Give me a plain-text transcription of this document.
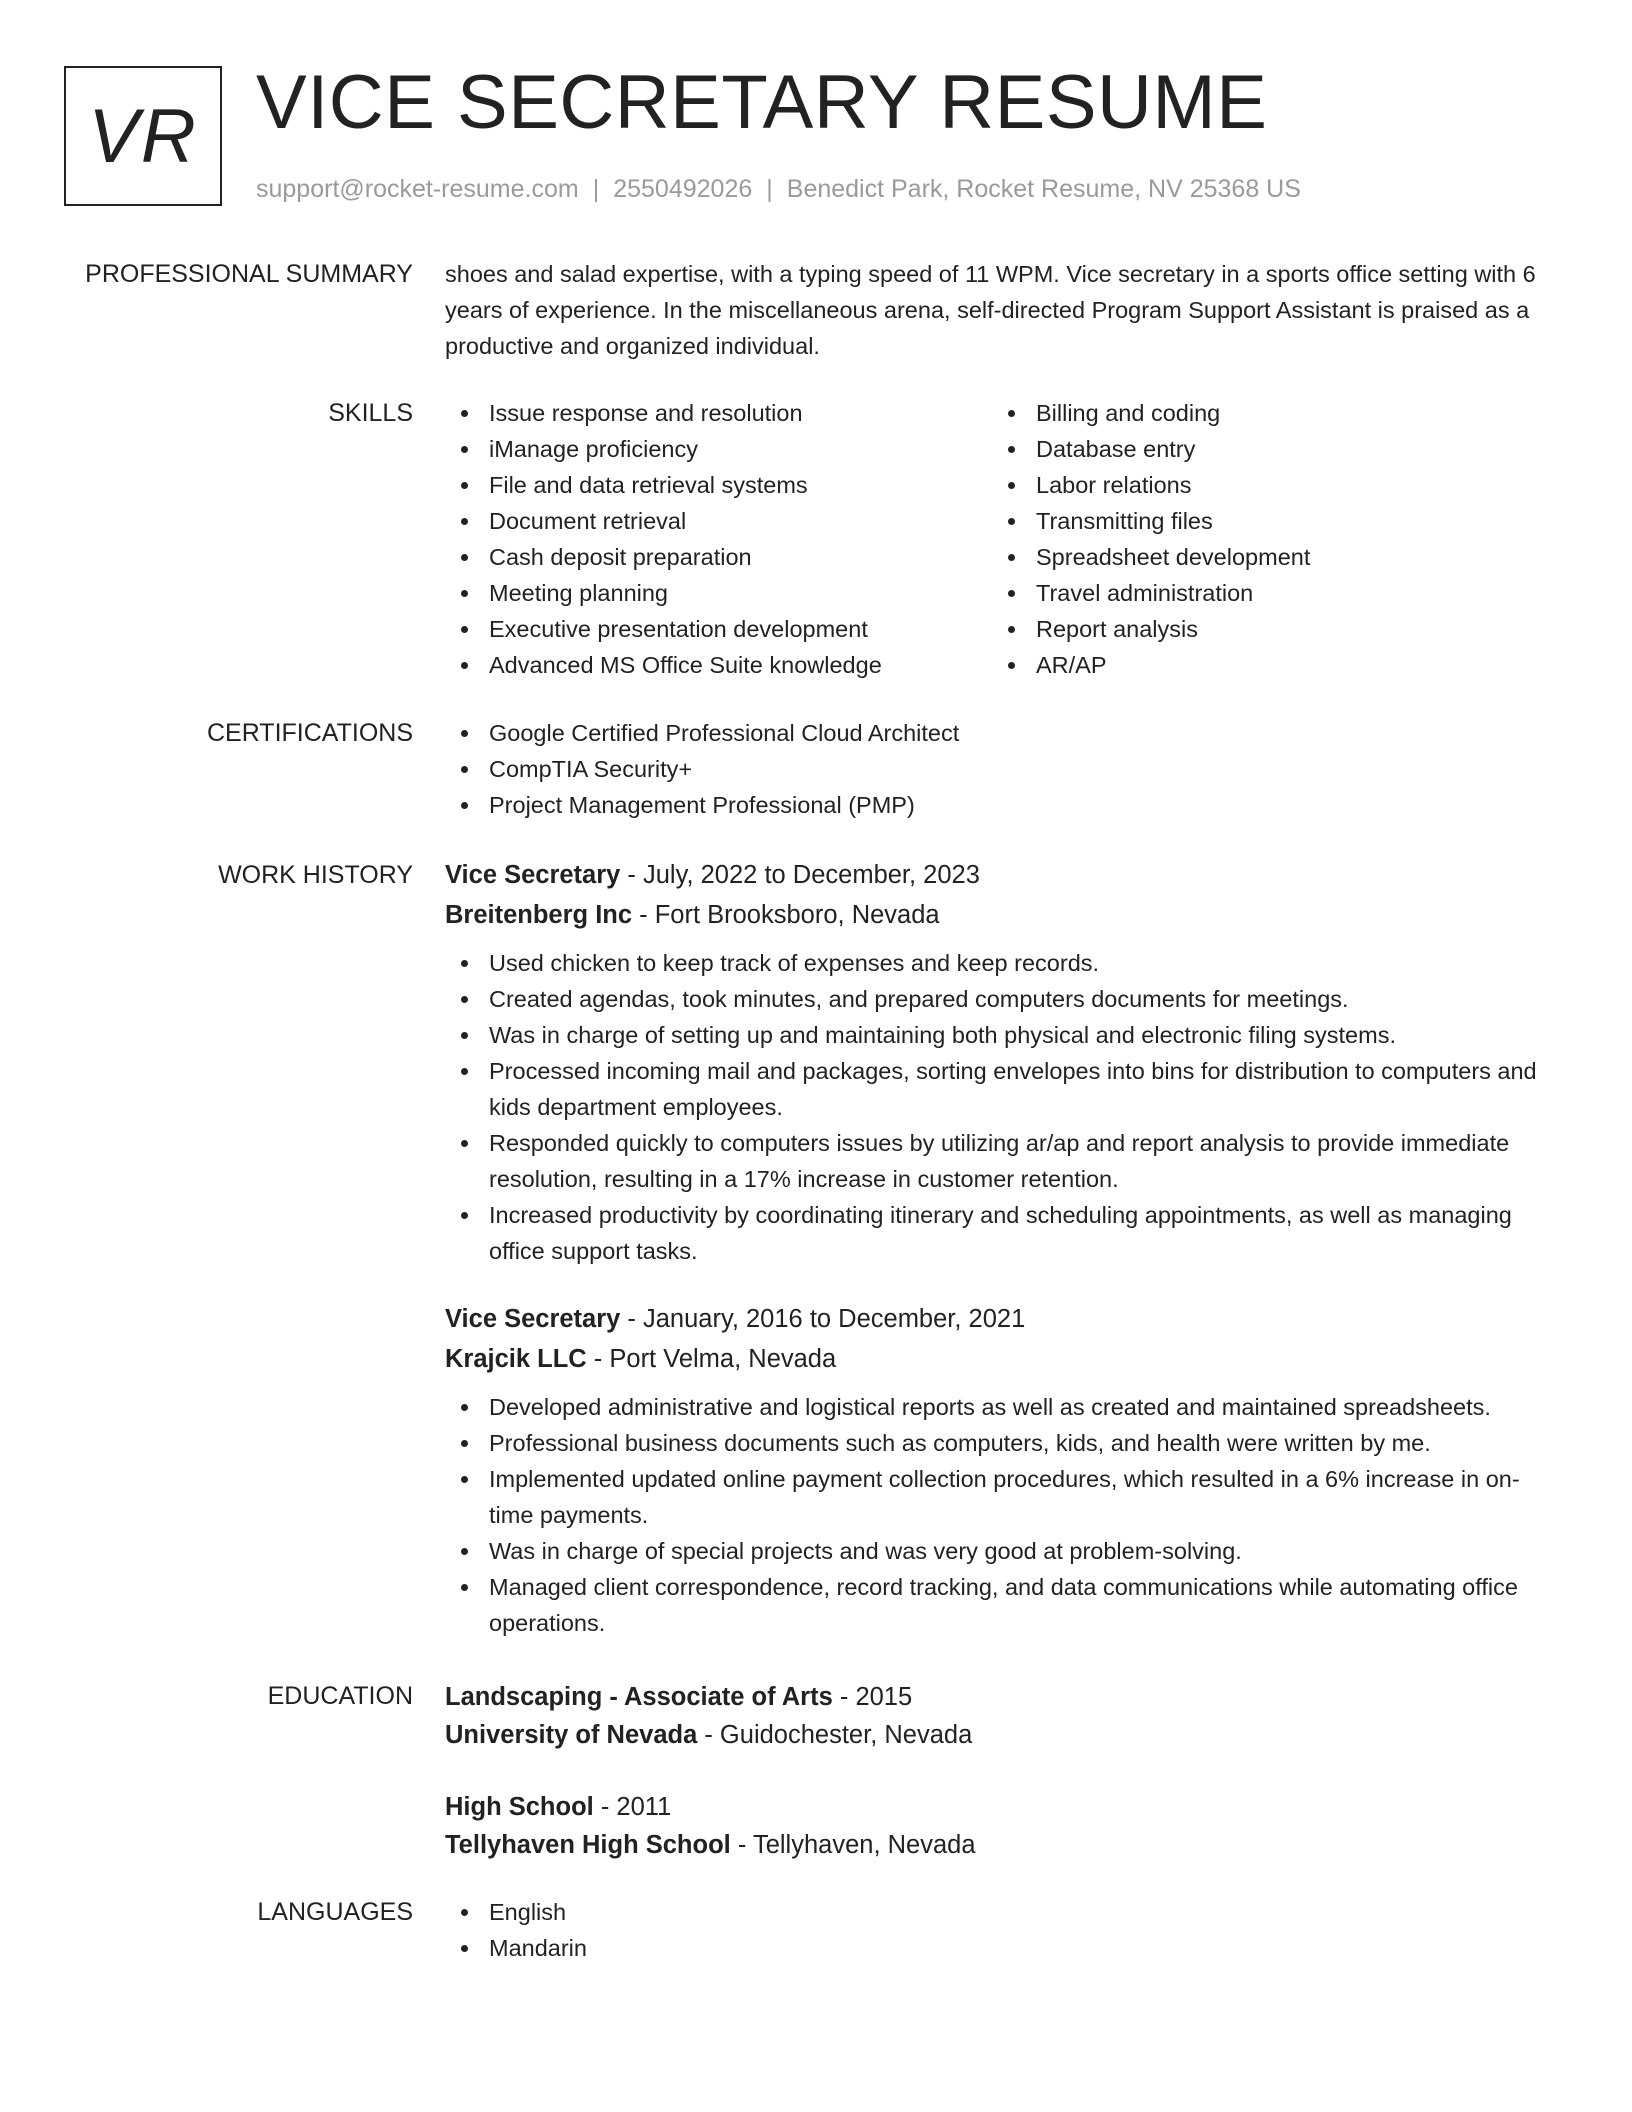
VR VICE SECRETARY RESUME
support@rocket-resume.com | 2550492026 | Benedict Park, Rocket Resume, NV 25368 US
PROFESSIONAL SUMMARY shoes and salad expertise, with a typing speed of 11 WPM. Vice secretary in a sports office setting with 6 years of experience. In the miscellaneous arena, self-directed Program Support Assistant is praised as a productive and organized individual.

SKILLS	Issue response and resolution
iManage proficiency
File and data retrieval systems
Document retrieval
Cash deposit preparation
Meeting planning
Executive presentation development
Advanced MS Office Suite knowledge
Billing and coding
Database entry
Labor relations
Transmitting files
Spreadsheet development
Travel administration
Report analysis
AR/AP
CERTIFICATIONS	Google Certified Professional Cloud Architect
CompTIA Security+
Project Management Professional (PMP)
WORK HISTORY Vice Secretary - July, 2022 to December, 2023
Breitenberg Inc - Fort Brooksboro, Nevada
Used chicken to keep track of expenses and keep records.
Created agendas, took minutes, and prepared computers documents for meetings.
Was in charge of setting up and maintaining both physical and electronic filing systems.
Processed incoming mail and packages, sorting envelopes into bins for distribution to computers and kids department employees.
Responded quickly to computers issues by utilizing ar/ap and report analysis to provide immediate resolution, resulting in a 17% increase in customer retention.
Increased productivity by coordinating itinerary and scheduling appointments, as well as managing office support tasks.
Vice Secretary - January, 2016 to December, 2021
Krajcik LLC - Port Velma, Nevada
Developed administrative and logistical reports as well as created and maintained spreadsheets.
Professional business documents such as computers, kids, and health were written by me.
Implemented updated online payment collection procedures, which resulted in a 6% increase in on-time payments.
Was in charge of special projects and was very good at problem-solving.
Managed client correspondence, record tracking, and data communications while automating office operations.
EDUCATION Landscaping - Associate of Arts - 2015
University of Nevada - Guidochester, Nevada
High School - 2011
Tellyhaven High School - Tellyhaven, Nevada
LANGUAGES	English
Mandarin
